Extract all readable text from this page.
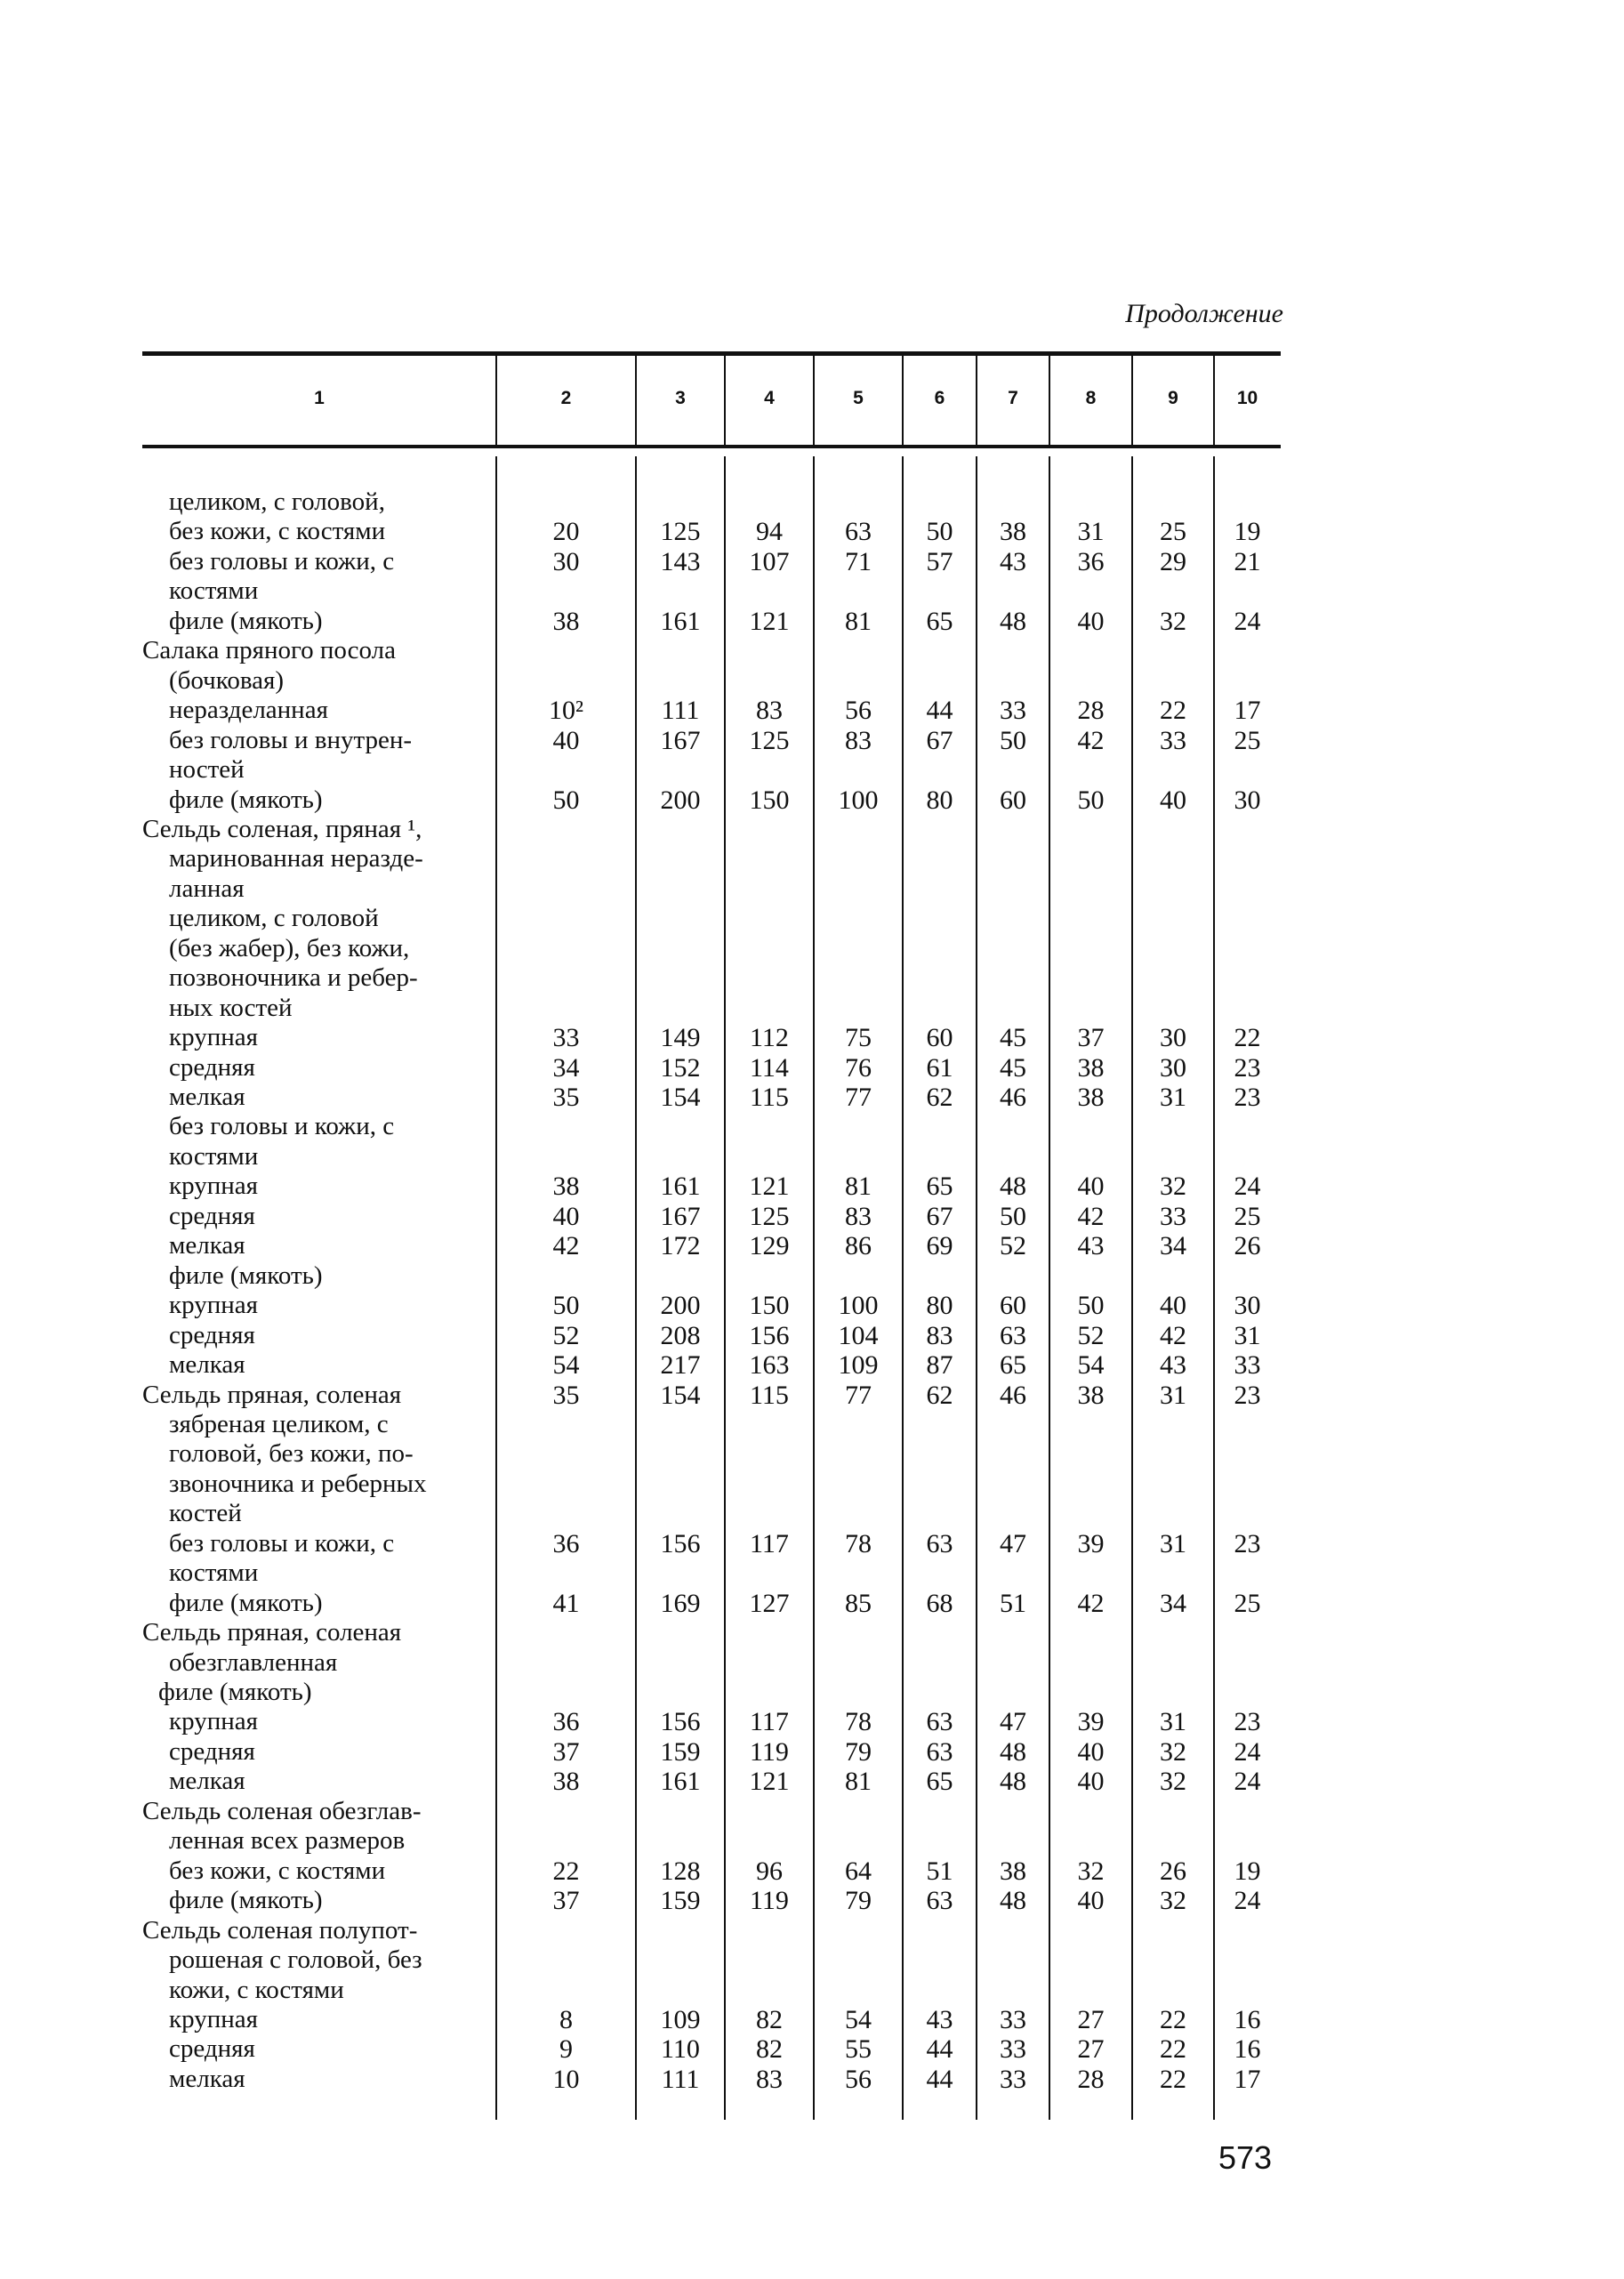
Продолжение
1	2	3	4	5	6	7	8	9	10
целиком, с головой,
без кожи, с костями	20	125	94	63	50	38	31	25	19
без головы и кожи, с	30	143	107	71	57	43	36	29	21
костями
филе (мякоть)	38	161	121	81	65	48	40	32	24
Салака пряного посола
(бочковая)
неразделанная	10²	111	83	56	44	33	28	22	17
без головы и внутрен-	40	167	125	83	67	50	42	33	25
ностей
филе (мякоть)	50	200	150	100	80	60	50	40	30
Сельдь соленая, пряная ¹,
маринованная неразде-
ланная
целиком, с головой
(без жабер), без кожи,
позвоночника и ребер-
ных костей
крупная	33	149	112	75	60	45	37	30	22
средняя	34	152	114	76	61	45	38	30	23
мелкая	35	154	115	77	62	46	38	31	23
без головы и кожи, с
костями
крупная	38	161	121	81	65	48	40	32	24
средняя	40	167	125	83	67	50	42	33	25
мелкая	42	172	129	86	69	52	43	34	26
филе (мякоть)
крупная	50	200	150	100	80	60	50	40	30
средняя	52	208	156	104	83	63	52	42	31
мелкая	54	217	163	109	87	65	54	43	33
Сельдь пряная, соленая	35	154	115	77	62	46	38	31	23
зябреная целиком, с
головой, без кожи, по-
звоночника и реберных
костей
без головы и кожи, с	36	156	117	78	63	47	39	31	23
костями
филе (мякоть)	41	169	127	85	68	51	42	34	25
Сельдь пряная, соленая
обезглавленная
филе (мякоть)
крупная	36	156	117	78	63	47	39	31	23
средняя	37	159	119	79	63	48	40	32	24
мелкая	38	161	121	81	65	48	40	32	24
Сельдь соленая обезглав-
ленная всех размеров
без кожи, с костями	22	128	96	64	51	38	32	26	19
филе (мякоть)	37	159	119	79	63	48	40	32	24
Сельдь соленая полупот-
рошеная с головой, без
кожи, с костями
крупная	8	109	82	54	43	33	27	22	16
средняя	9	110	82	55	44	33	27	22	16
мелкая	10	111	83	56	44	33	28	22	17
573
